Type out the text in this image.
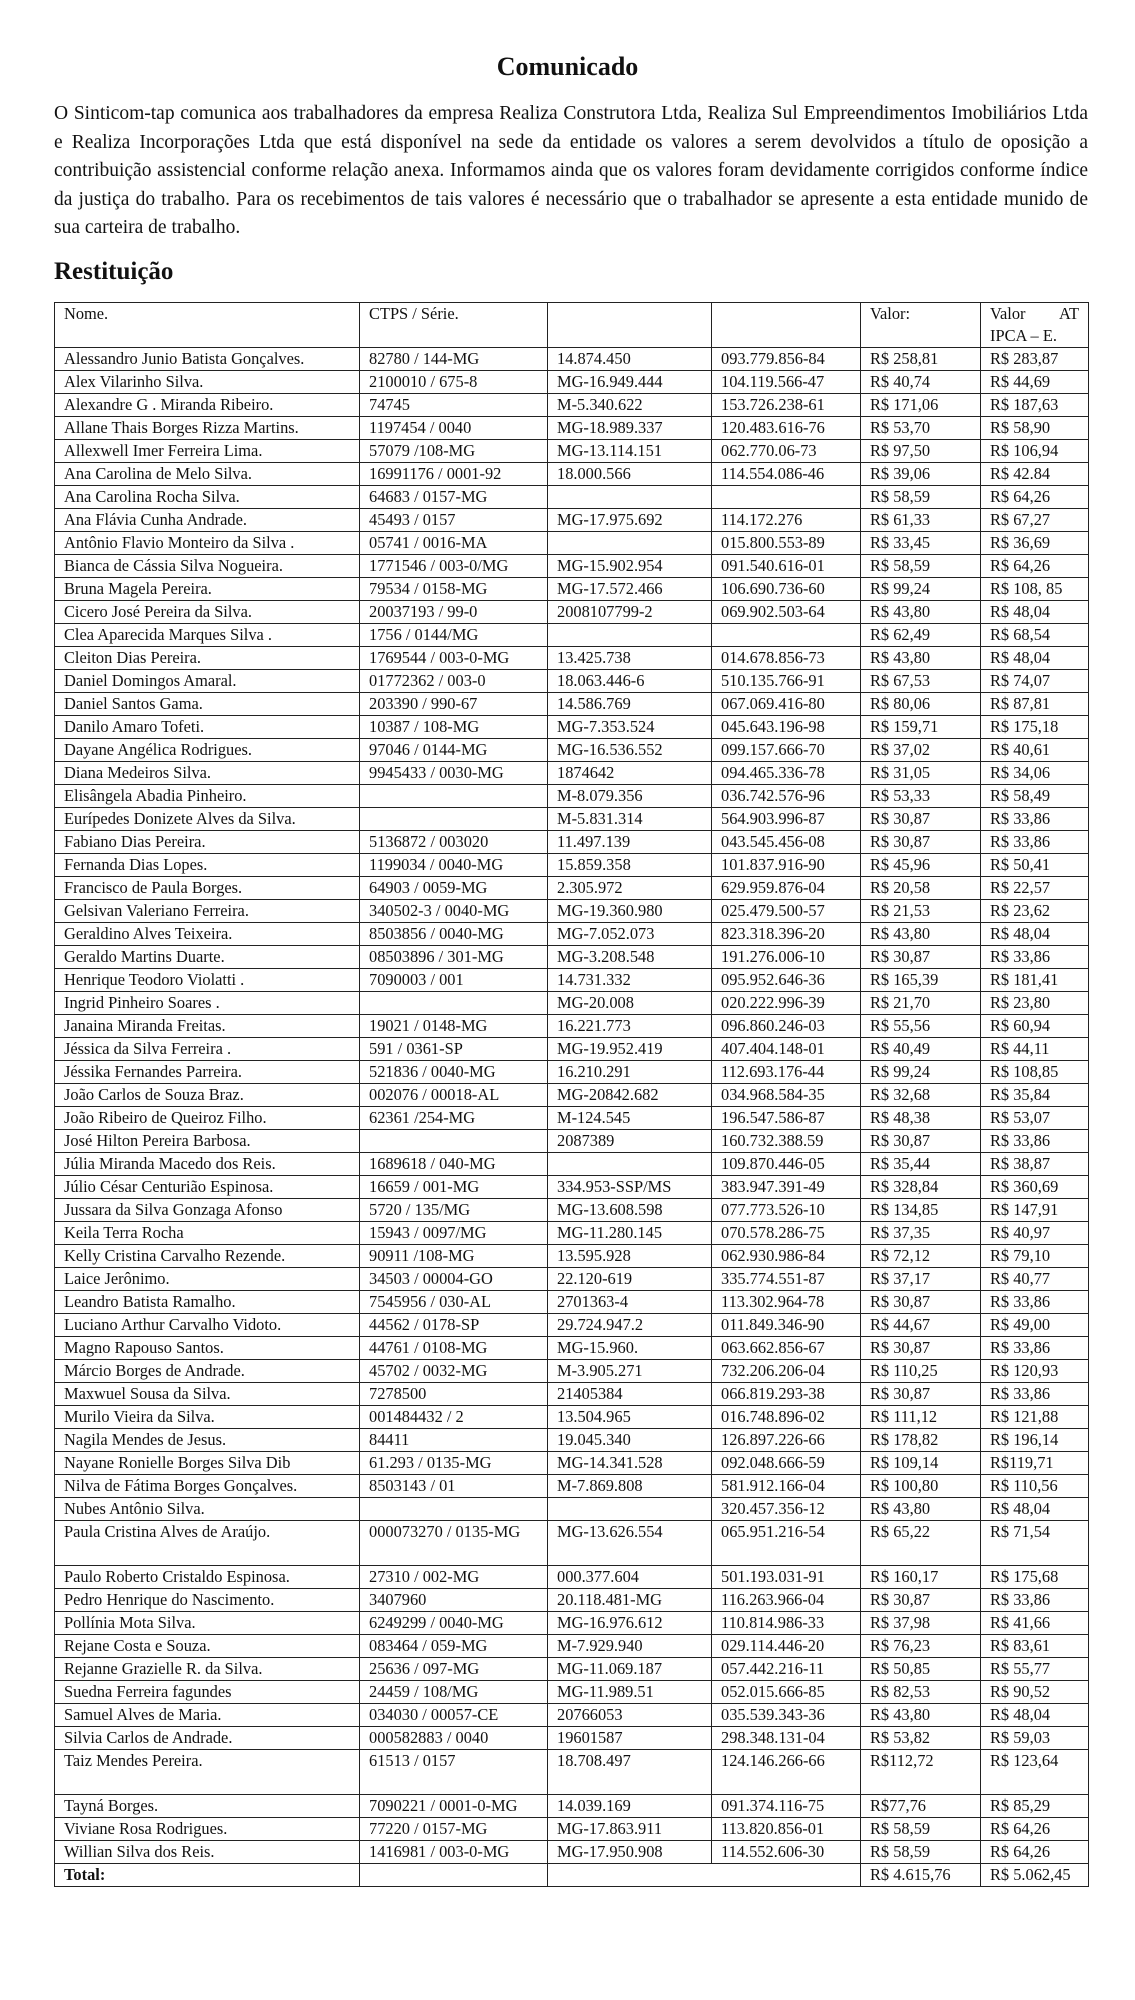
Comunicado

O Sinticom-tap comunica aos trabalhadores da empresa Realiza Construtora Ltda, Realiza Sul Empreendimentos Imobiliários Ltda e Realiza Incorporações Ltda que está disponível na sede da entidade os valores a serem devolvidos a título de oposição a contribuição assistencial conforme relação anexa. Informamos ainda que os valores foram devidamente corrigidos conforme índice da justiça do trabalho. Para os recebimentos de tais valores é necessário que o trabalhador se apresente a esta entidade munido de sua carteira de trabalho.

Restituição
Nome.	CTPS / Série.			Valor:	Valor AT
IPCA – E.

Alessandro Junio Batista Gonçalves.	82780 / 144-MG	14.874.450	093.779.856-84	R$ 258,81	R$ 283,87
Alex Vilarinho Silva.	2100010 / 675-8	MG-16.949.444	104.119.566-47	R$ 40,74	R$ 44,69
Alexandre G . Miranda Ribeiro.	74745	M-5.340.622	153.726.238-61	R$ 171,06	R$ 187,63
Allane Thais Borges Rizza Martins.	1197454 / 0040	MG-18.989.337	120.483.616-76	R$ 53,70	R$ 58,90
Allexwell Imer Ferreira Lima.	57079 /108-MG	MG-13.114.151	062.770.06-73	R$ 97,50	R$ 106,94
Ana Carolina de Melo Silva.	16991176 / 0001-92	18.000.566	114.554.086-46	R$ 39,06	R$ 42.84
Ana Carolina Rocha Silva.	64683 / 0157-MG			R$ 58,59	R$ 64,26
Ana Flávia Cunha Andrade.	45493 / 0157	MG-17.975.692	114.172.276	R$ 61,33	R$ 67,27
Antônio Flavio Monteiro da Silva .	05741 / 0016-MA		015.800.553-89	R$ 33,45	R$ 36,69
Bianca de Cássia Silva Nogueira.	1771546 / 003-0/MG	MG-15.902.954	091.540.616-01	R$ 58,59	R$ 64,26
Bruna Magela Pereira.	79534 / 0158-MG	MG-17.572.466	106.690.736-60	R$ 99,24	R$ 108, 85
Cicero José Pereira da Silva.	20037193 / 99-0	2008107799-2	069.902.503-64	R$ 43,80	R$ 48,04
Clea Aparecida Marques Silva .	1756 / 0144/MG			R$ 62,49	R$ 68,54
Cleiton Dias Pereira.	1769544 / 003-0-MG	13.425.738	014.678.856-73	R$ 43,80	R$ 48,04
Daniel Domingos Amaral.	01772362 / 003-0	18.063.446-6	510.135.766-91	R$ 67,53	R$ 74,07
Daniel Santos Gama.	203390 / 990-67	14.586.769	067.069.416-80	R$ 80,06	R$ 87,81
Danilo Amaro Tofeti.	10387 / 108-MG	MG-7.353.524	045.643.196-98	R$ 159,71	R$ 175,18
Dayane Angélica Rodrigues.	97046 / 0144-MG	MG-16.536.552	099.157.666-70	R$ 37,02	R$ 40,61
Diana Medeiros Silva.	9945433 / 0030-MG	1874642	094.465.336-78	R$ 31,05	R$ 34,06
Elisângela Abadia Pinheiro.		M-8.079.356	036.742.576-96	R$ 53,33	R$ 58,49
Eurípedes Donizete Alves da Silva.		M-5.831.314	564.903.996-87	R$ 30,87	R$ 33,86
Fabiano Dias Pereira.	5136872 / 003020	11.497.139	043.545.456-08	R$ 30,87	R$ 33,86
Fernanda Dias Lopes.	1199034 / 0040-MG	15.859.358	101.837.916-90	R$ 45,96	R$ 50,41
Francisco de Paula Borges.	64903 / 0059-MG	2.305.972	629.959.876-04	R$ 20,58	R$ 22,57
Gelsivan Valeriano Ferreira.	340502-3 / 0040-MG	MG-19.360.980	025.479.500-57	R$ 21,53	R$ 23,62
Geraldino Alves Teixeira.	8503856 / 0040-MG	MG-7.052.073	823.318.396-20	R$ 43,80	R$ 48,04
Geraldo Martins Duarte.	08503896 / 301-MG	MG-3.208.548	191.276.006-10	R$ 30,87	R$ 33,86
Henrique Teodoro Violatti .	7090003 / 001	14.731.332	095.952.646-36	R$ 165,39	R$ 181,41
Ingrid Pinheiro Soares .		MG-20.008	020.222.996-39	R$ 21,70	R$ 23,80
Janaina Miranda Freitas.	19021 / 0148-MG	16.221.773	096.860.246-03	R$ 55,56	R$ 60,94
Jéssica da Silva Ferreira .	591 / 0361-SP	MG-19.952.419	407.404.148-01	R$ 40,49	R$ 44,11
Jéssika Fernandes Parreira.	521836 / 0040-MG	16.210.291	112.693.176-44	R$ 99,24	R$ 108,85
João Carlos de Souza Braz.	002076 / 00018-AL	MG-20842.682	034.968.584-35	R$ 32,68	R$ 35,84
João Ribeiro de Queiroz Filho.	62361 /254-MG	M-124.545	196.547.586-87	R$ 48,38	R$ 53,07
José Hilton Pereira Barbosa.		2087389	160.732.388.59	R$ 30,87	R$ 33,86
Júlia Miranda Macedo dos Reis.	1689618 / 040-MG		109.870.446-05	R$ 35,44	R$ 38,87
Júlio César Centurião Espinosa.	16659 / 001-MG	334.953-SSP/MS	383.947.391-49	R$ 328,84	R$ 360,69
Jussara da Silva Gonzaga Afonso	5720 / 135/MG	MG-13.608.598	077.773.526-10	R$ 134,85	R$ 147,91
Keila Terra Rocha	15943 / 0097/MG	MG-11.280.145	070.578.286-75	R$ 37,35	R$ 40,97
Kelly Cristina Carvalho Rezende.	90911 /108-MG	13.595.928	062.930.986-84	R$ 72,12	R$ 79,10
Laice Jerônimo.	34503 / 00004-GO	22.120-619	335.774.551-87	R$ 37,17	R$ 40,77
Leandro Batista Ramalho.	7545956 / 030-AL	2701363-4	113.302.964-78	R$ 30,87	R$ 33,86
Luciano Arthur Carvalho Vidoto.	44562 / 0178-SP	29.724.947.2	011.849.346-90	R$ 44,67	R$ 49,00
Magno Rapouso Santos.	44761 / 0108-MG	MG-15.960.	063.662.856-67	R$ 30,87	R$ 33,86
Márcio Borges de Andrade.	45702 / 0032-MG	M-3.905.271	732.206.206-04	R$ 110,25	R$ 120,93
Maxwuel Sousa da Silva.	7278500	21405384	066.819.293-38	R$ 30,87	R$ 33,86
Murilo Vieira da Silva.	001484432 / 2	13.504.965	016.748.896-02	R$ 111,12	R$ 121,88
Nagila Mendes de Jesus.	84411	19.045.340	126.897.226-66	R$ 178,82	R$ 196,14
Nayane Ronielle Borges Silva Dib	61.293 / 0135-MG	MG-14.341.528	092.048.666-59	R$ 109,14	R$119,71
Nilva de Fátima Borges Gonçalves.	8503143 / 01	M-7.869.808	581.912.166-04	R$ 100,80	R$ 110,56
Nubes Antônio Silva.			320.457.356-12	R$ 43,80	R$ 48,04
Paula Cristina Alves de Araújo.	000073270 / 0135-MG	MG-13.626.554	065.951.216-54	R$ 65,22	R$ 71,54
Paulo Roberto Cristaldo Espinosa.	27310 / 002-MG	000.377.604	501.193.031-91	R$ 160,17	R$ 175,68
Pedro Henrique do Nascimento.	3407960	20.118.481-MG	116.263.966-04	R$ 30,87	R$ 33,86
Pollínia Mota Silva.	6249299 / 0040-MG	MG-16.976.612	110.814.986-33	R$ 37,98	R$ 41,66
Rejane Costa e Souza.	083464 / 059-MG	M-7.929.940	029.114.446-20	R$ 76,23	R$ 83,61
Rejanne Grazielle R. da Silva.	25636 / 097-MG	MG-11.069.187	057.442.216-11	R$ 50,85	R$ 55,77
Suedna Ferreira fagundes	24459 / 108/MG	MG-11.989.51	052.015.666-85	R$ 82,53	R$ 90,52
Samuel Alves de Maria.	034030 / 00057-CE	20766053	035.539.343-36	R$ 43,80	R$ 48,04
Silvia Carlos de Andrade.	000582883 / 0040	19601587	298.348.131-04	R$ 53,82	R$ 59,03
Taiz Mendes Pereira.	61513 / 0157	18.708.497	124.146.266-66	R$112,72	R$ 123,64
Tayná Borges.	7090221 / 0001-0-MG	14.039.169	091.374.116-75	R$77,76	R$ 85,29
Viviane Rosa Rodrigues.	77220 / 0157-MG	MG-17.863.911	113.820.856-01	R$ 58,59	R$ 64,26
Willian Silva dos Reis.	1416981 / 003-0-MG	MG-17.950.908	114.552.606-30	R$ 58,59	R$ 64,26
Total:				R$ 4.615,76	R$ 5.062,45
